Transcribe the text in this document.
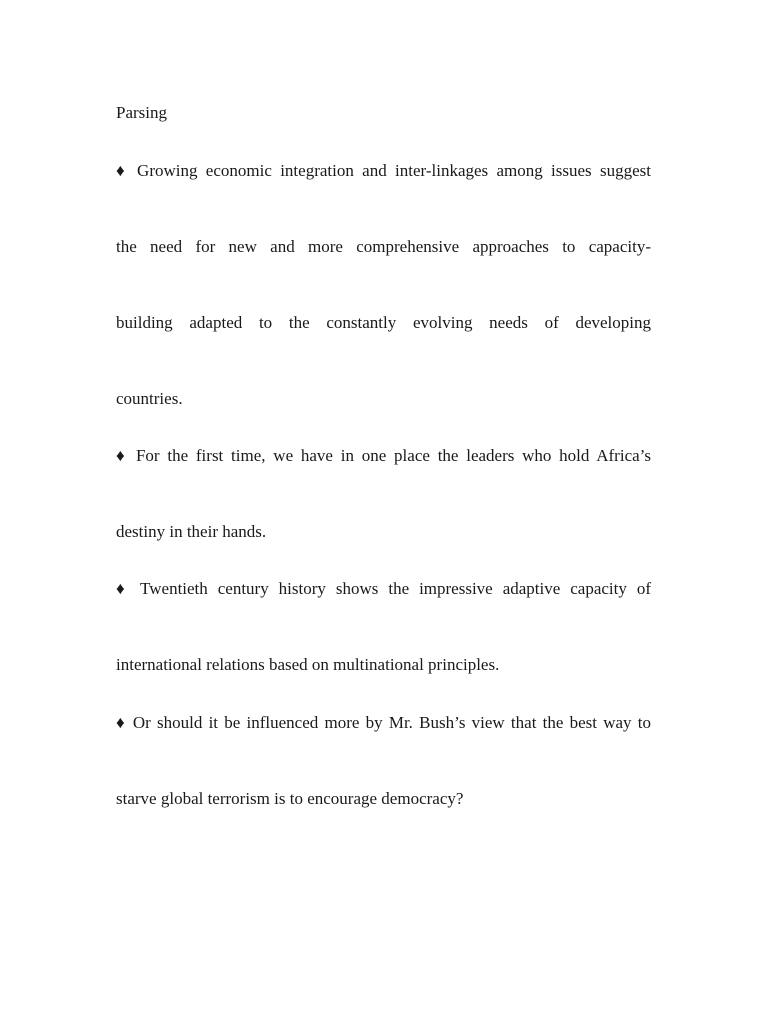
Parsing

♦ Growing economic integration and inter-linkages among issues suggest

the need for new and more comprehensive approaches to capacity-

building adapted to the constantly evolving needs of developing

countries.

♦ For the first time, we have in one place the leaders who hold Africa’s

destiny in their hands.

♦ Twentieth century history shows the impressive adaptive capacity of

international relations based on multinational principles.

♦ Or should it be influenced more by Mr. Bush’s view that the best way to

starve global terrorism is to encourage democracy?
